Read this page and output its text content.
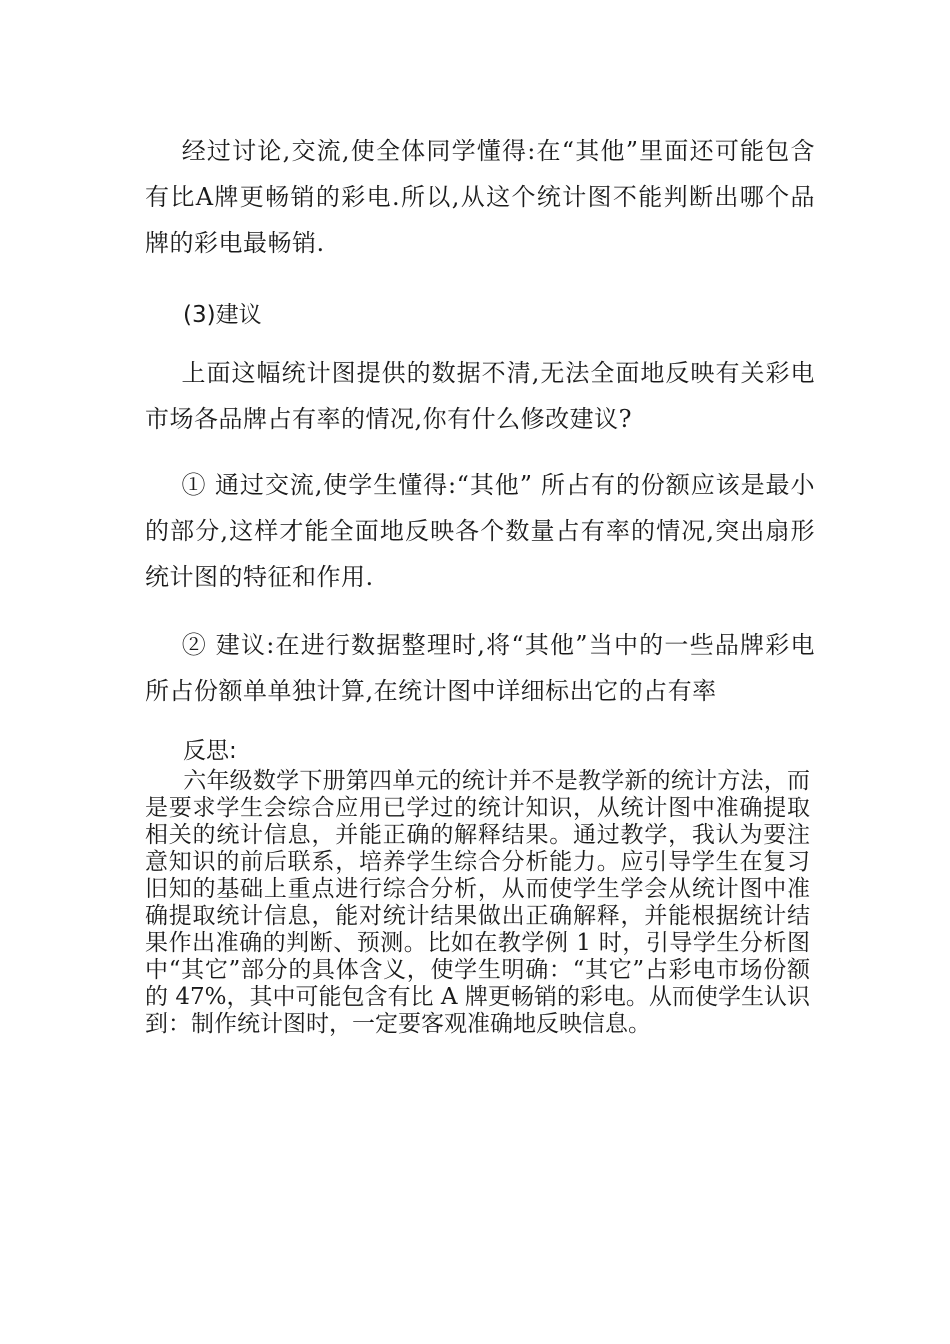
经过讨论,交流,使全体同学懂得:在“其他”里面还可能包含有比A牌更畅销的彩电.所以,从这个统计图不能判断出哪个品牌的彩电最畅销.

(3)建议

上面这幅统计图提供的数据不清,无法全面地反映有关彩电市场各品牌占有率的情况,你有什么修改建议?

① 通过交流,使学生懂得:“其他” 所占有的份额应该是最小的部分,这样才能全面地反映各个数量占有率的情况,突出扇形统计图的特征和作用.

② 建议:在进行数据整理时,将“其他”当中的一些品牌彩电所占份额单单独计算,在统计图中详细标出它的占有率

反思:

六年级数学下册第四单元的统计并不是教学新的统计方法，而是要求学生会综合应用已学过的统计知识，从统计图中准确提取相关的统计信息，并能正确的解释结果。通过教学，我认为要注意知识的前后联系，培养学生综合分析能力。应引导学生在复习旧知的基础上重点进行综合分析，从而使学生学会从统计图中准确提取统计信息，能对统计结果做出正确解释，并能根据统计结果作出准确的判断、预测。比如在教学例 1 时，引导学生分析图中“其它”部分的具体含义，使学生明确：“其它”占彩电市场份额的 47%，其中可能包含有比 A 牌更畅销的彩电。从而使学生认识到：制作统计图时，一定要客观准确地反映信息。
